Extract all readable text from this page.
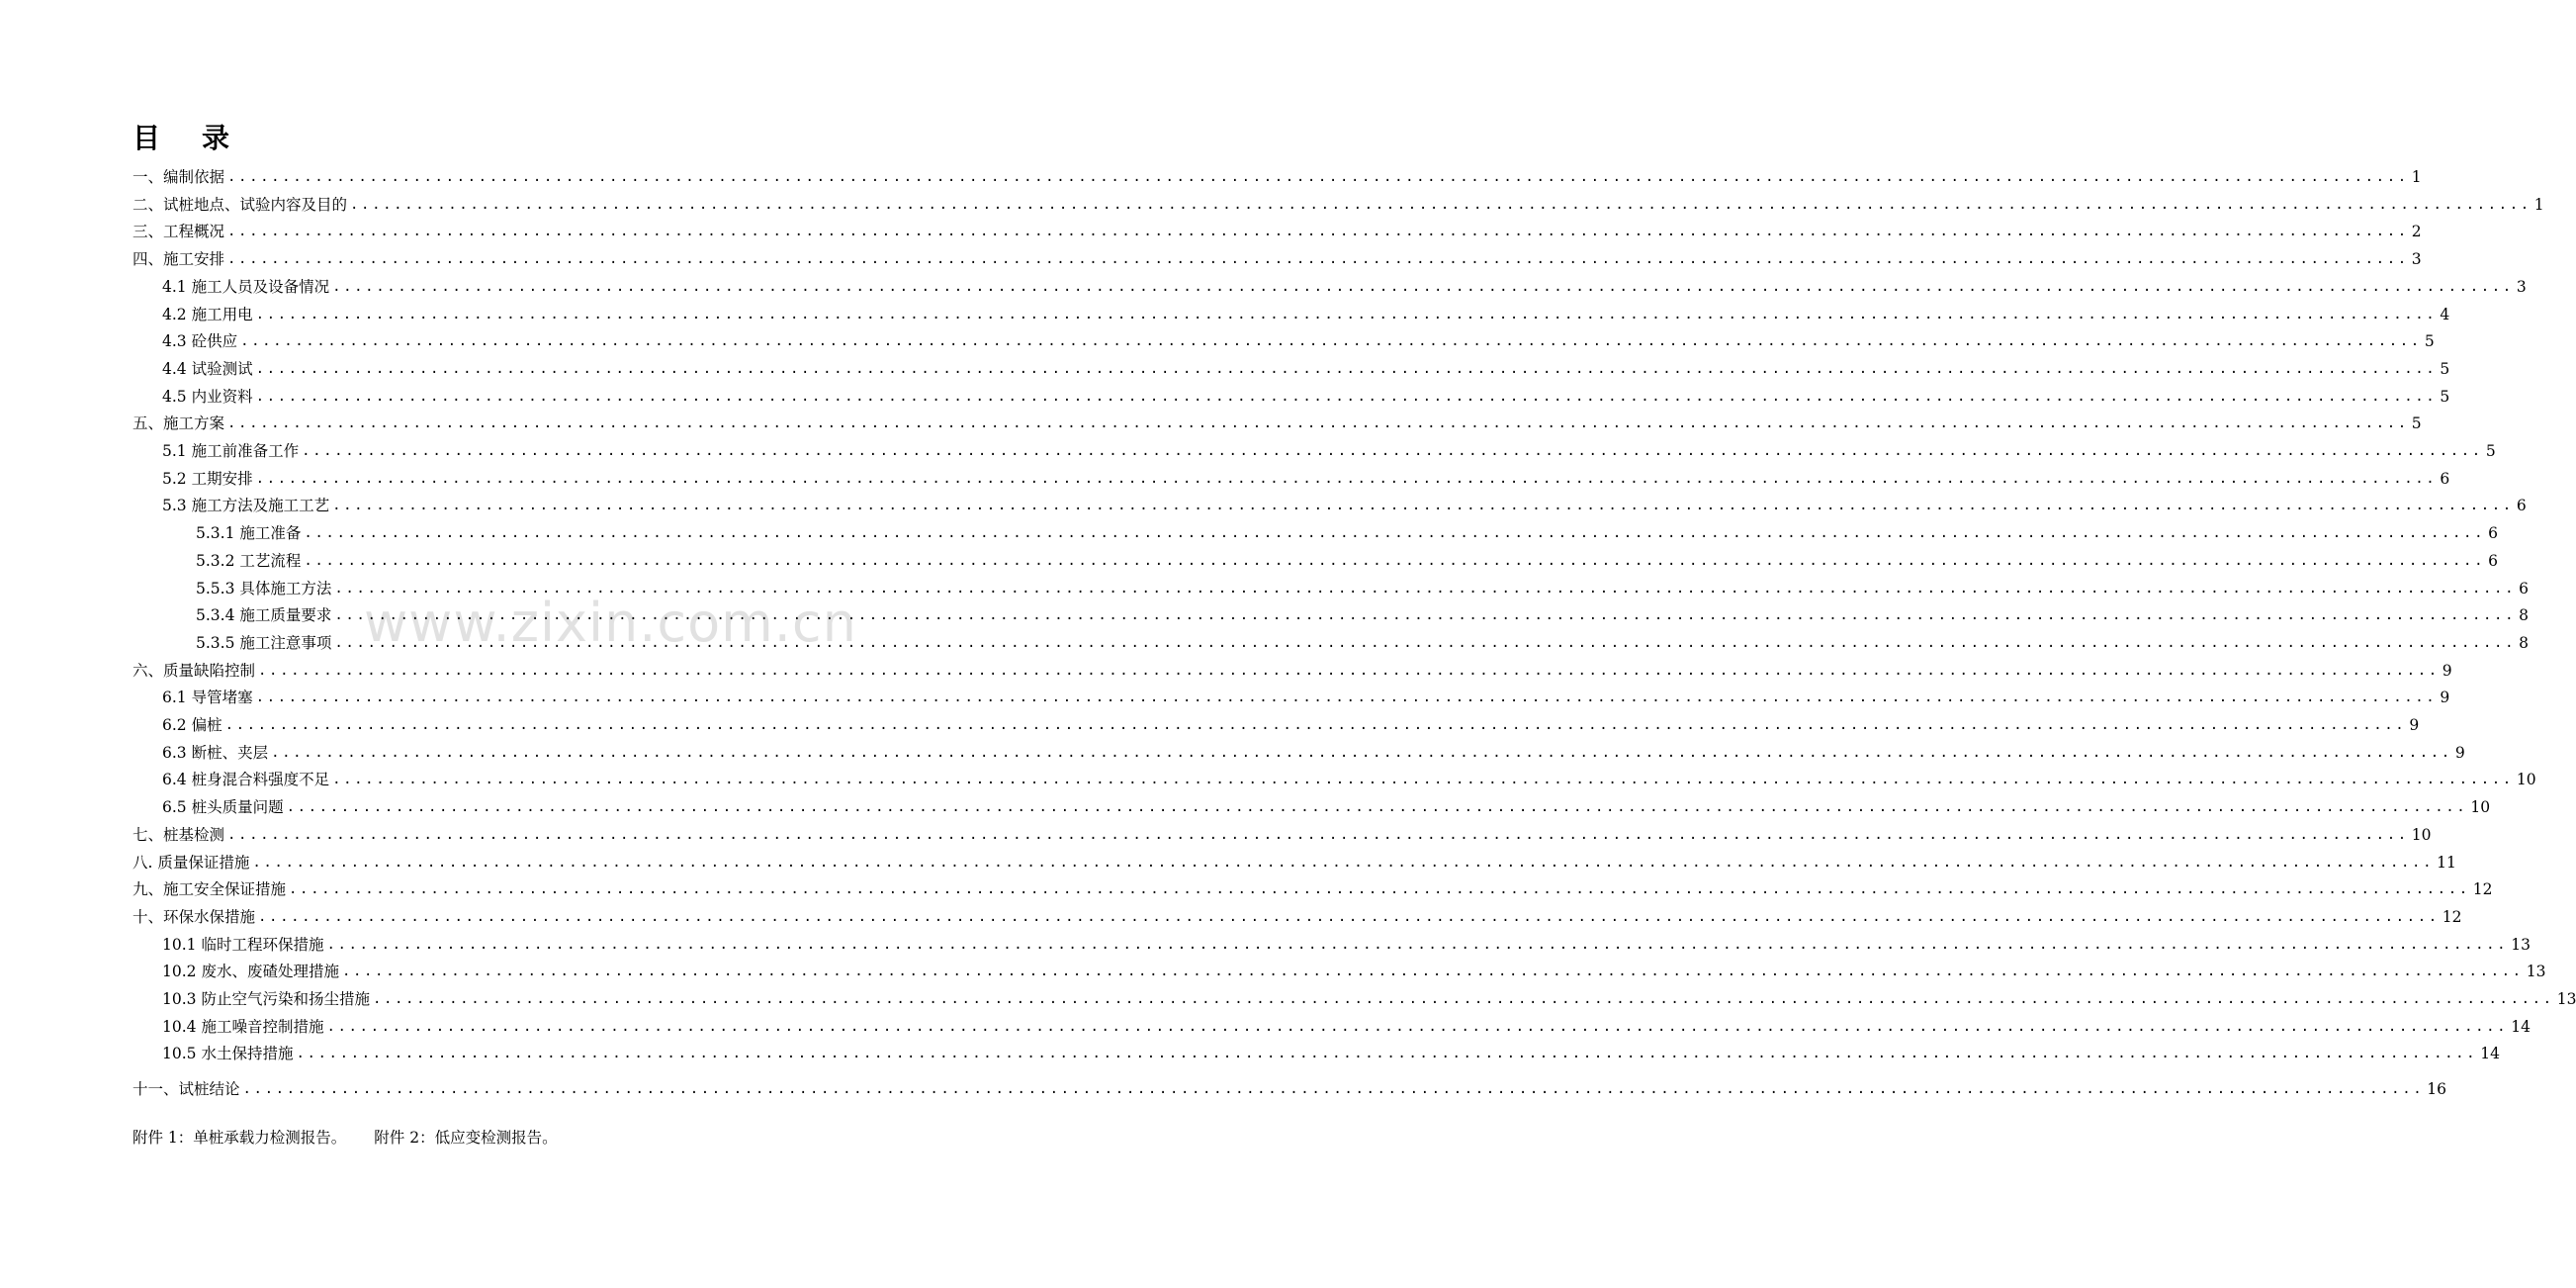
目 录
www.zixin.com.cn
一、编制依据 ........................................................................................................................................................................................................ 1
二、试桩地点、试验内容及目的 ........................................................................................................................................................................................................ 1
三、工程概况 ........................................................................................................................................................................................................ 2
四、施工安排 ........................................................................................................................................................................................................ 3
4.1 施工人员及设备情况 ........................................................................................................................................................................................................ 3
4.2 施工用电 ........................................................................................................................................................................................................ 4
4.3 砼供应 ........................................................................................................................................................................................................ 5
4.4 试验测试 ........................................................................................................................................................................................................ 5
4.5 内业资料 ........................................................................................................................................................................................................ 5
五、施工方案 ........................................................................................................................................................................................................ 5
5.1 施工前准备工作 ........................................................................................................................................................................................................ 5
5.2 工期安排 ........................................................................................................................................................................................................ 6
5.3 施工方法及施工工艺 ........................................................................................................................................................................................................ 6
5.3.1 施工准备 ........................................................................................................................................................................................................ 6
5.3.2 工艺流程 ........................................................................................................................................................................................................ 6
5.5.3 具体施工方法 ........................................................................................................................................................................................................ 6
5.3.4 施工质量要求 ........................................................................................................................................................................................................ 8
5.3.5 施工注意事项 ........................................................................................................................................................................................................ 8
六、质量缺陷控制 ........................................................................................................................................................................................................ 9
6.1 导管堵塞 ........................................................................................................................................................................................................ 9
6.2 偏桩 ........................................................................................................................................................................................................ 9
6.3 断桩、夹层 ........................................................................................................................................................................................................ 9
6.4 桩身混合料强度不足 ........................................................................................................................................................................................................ 10
6.5 桩头质量问题 ........................................................................................................................................................................................................ 10
七、桩基检测 ........................................................................................................................................................................................................ 10
八. 质量保证措施 ........................................................................................................................................................................................................ 11
九、施工安全保证措施 ........................................................................................................................................................................................................ 12
十、环保水保措施 ........................................................................................................................................................................................................ 12
10.1 临时工程环保措施 ........................................................................................................................................................................................................ 13
10.2 废水、废碴处理措施 ........................................................................................................................................................................................................ 13
10.3 防止空气污染和扬尘措施 ........................................................................................................................................................................................................ 13
10.4 施工噪音控制措施 ........................................................................................................................................................................................................ 14
10.5 水土保持措施 ........................................................................................................................................................................................................ 14
十一、试桩结论 ........................................................................................................................................................................................................ 16
附件 1：单桩承载力检测报告。 附件 2：低应变检测报告。
